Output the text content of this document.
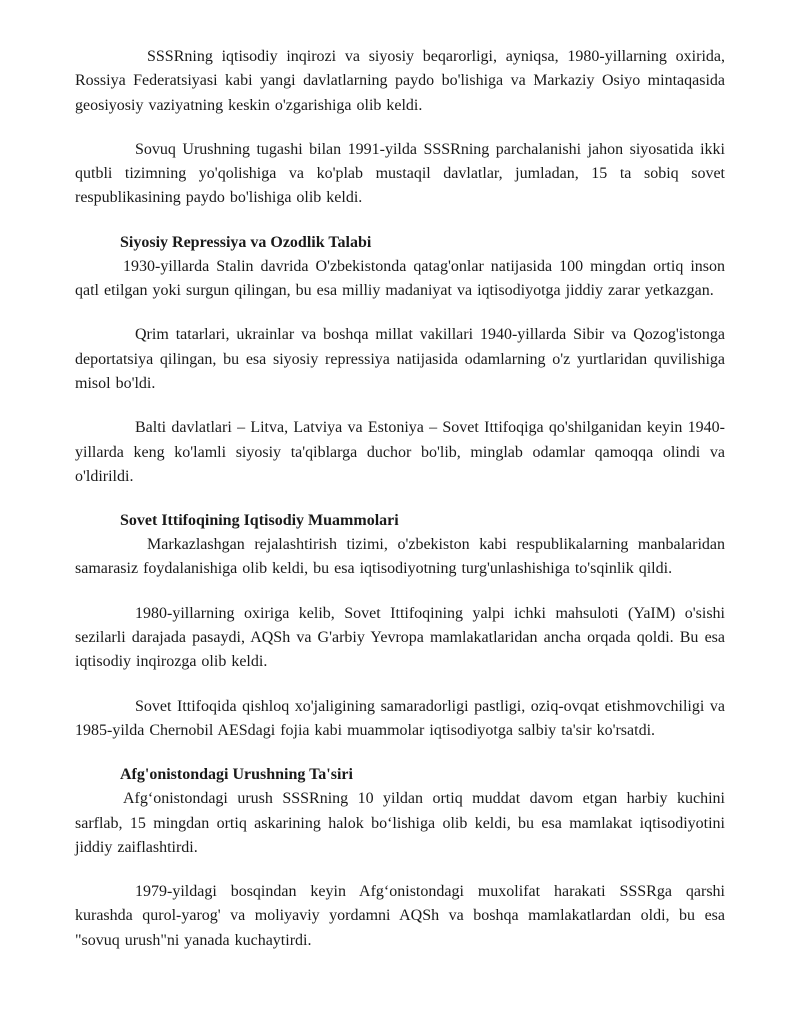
SSSRning iqtisodiy inqirozi va siyosiy beqarorligi, ayniqsa, 1980-yillarning oxirida, Rossiya Federatsiyasi kabi yangi davlatlarning paydo bo'lishiga va Markaziy Osiyo mintaqasida geosiyosiy vaziyatning keskin o'zgarishiga olib keldi.

Sovuq Urushning tugashi bilan 1991-yilda SSSRning parchalanishi jahon siyosatida ikki qutbli tizimning yo'qolishiga va ko'plab mustaqil davlatlar, jumladan, 15 ta sobiq sovet respublikasining paydo bo'lishiga olib keldi.

Siyosiy Repressiya va Ozodlik Talabi

1930-yillarda Stalin davrida O'zbekistonda qatag'onlar natijasida 100 mingdan ortiq inson qatl etilgan yoki surgun qilingan, bu esa milliy madaniyat va iqtisodiyotga jiddiy zarar yetkazgan.

Qrim tatarlari, ukrainlar va boshqa millat vakillari 1940-yillarda Sibir va Qozog'istonga deportatsiya qilingan, bu esa siyosiy repressiya natijasida odamlarning o'z yurtlaridan quvilishiga misol bo'ldi.

Balti davlatlari – Litva, Latviya va Estoniya – Sovet Ittifoqiga qo'shilganidan keyin 1940-yillarda keng ko'lamli siyosiy ta'qiblarga duchor bo'lib, minglab odamlar qamoqqa olindi va o'ldirildi.

Sovet Ittifoqining Iqtisodiy Muammolari

Markazlashgan rejalashtirish tizimi, o'zbekiston kabi respublikalarning manbalaridan samarasiz foydalanishiga olib keldi, bu esa iqtisodiyotning turg'unlashishiga to'sqinlik qildi.

1980-yillarning oxiriga kelib, Sovet Ittifoqining yalpi ichki mahsuloti (YaIM) o'sishi sezilarli darajada pasaydi, AQSh va G'arbiy Yevropa mamlakatlaridan ancha orqada qoldi. Bu esa iqtisodiy inqirozga olib keldi.

Sovet Ittifoqida qishloq xo'jaligining samaradorligi pastligi, oziq-ovqat etishmovchiligi va 1985-yilda Chernobil AESdagi fojia kabi muammolar iqtisodiyotga salbiy ta'sir ko'rsatdi.

Afg'onistondagi Urushning Ta'siri

Afg‘onistondagi urush SSSRning 10 yildan ortiq muddat davom etgan harbiy kuchini sarflab, 15 mingdan ortiq askarining halok bo‘lishiga olib keldi, bu esa mamlakat iqtisodiyotini jiddiy zaiflashtirdi.

1979-yildagi bosqindan keyin Afg‘onistondagi muxolifat harakati SSSRga qarshi kurashda qurol-yarog' va moliyaviy yordamni AQSh va boshqa mamlakatlardan oldi, bu esa "sovuq urush"ni yanada kuchaytirdi.
